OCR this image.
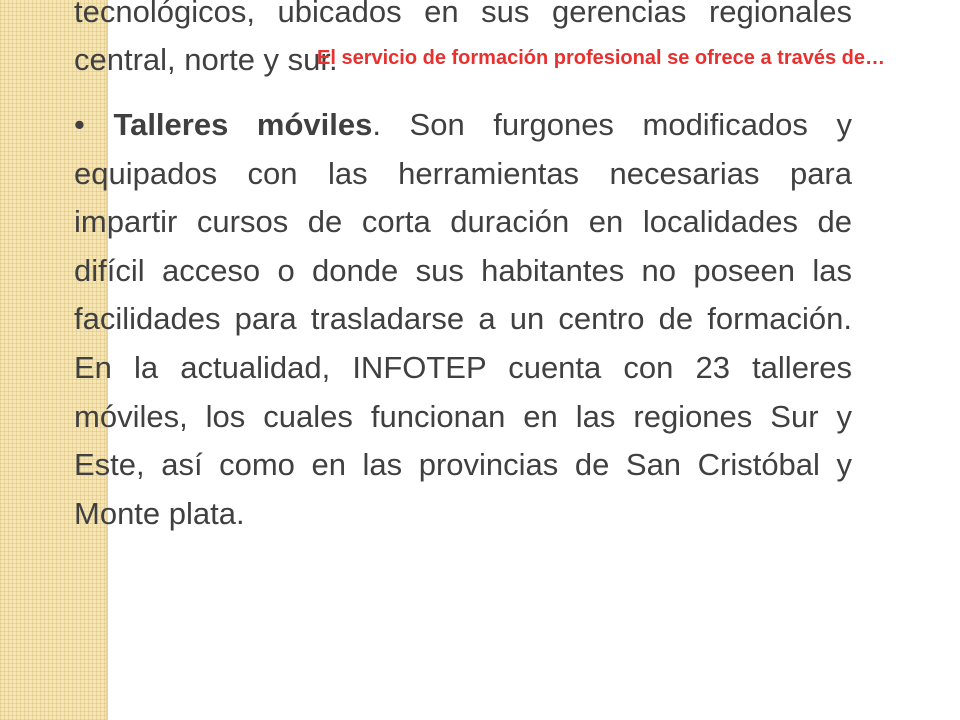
tecnológicos, ubicados en sus gerencias regionales central, norte y sur.

El servicio de formación profesional se ofrece a través de…

• Talleres móviles. Son furgones modificados y equipados con las herramientas necesarias para impartir cursos de corta duración en localidades de difícil acceso o donde sus habitantes no poseen las facilidades para trasladarse a un centro de formación. En la actualidad, INFOTEP cuenta con 23 talleres móviles, los cuales funcionan en las regiones Sur y Este, así como en las provincias de San Cristóbal y Monte plata.
